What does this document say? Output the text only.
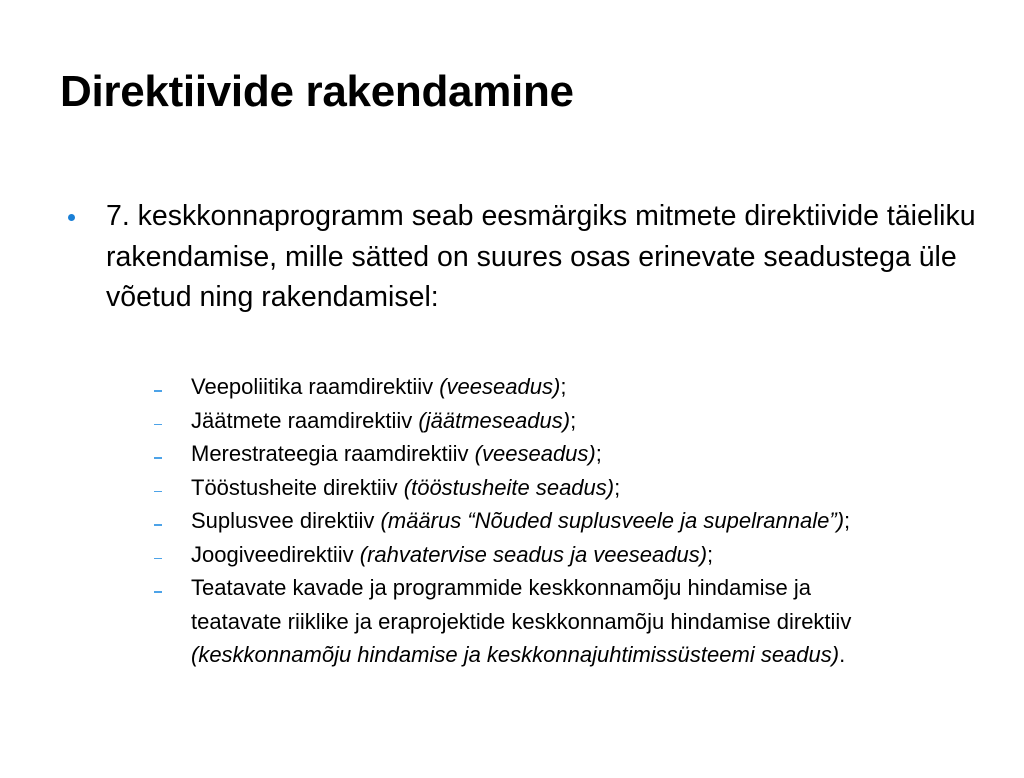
Direktiivide rakendamine
7. keskkonnaprogramm seab eesmärgiks mitmete direktiivide täieliku rakendamise, mille sätted on suures osas erinevate seadustega üle võetud ning rakendamisel:
Veepoliitika raamdirektiiv (veeseadus);
Jäätmete raamdirektiiv (jäätmeseadus);
Merestrateegia raamdirektiiv (veeseadus);
Tööstusheite direktiiv (tööstusheite seadus);
Suplusvee direktiiv (määrus “Nõuded suplusveele ja supelrannale”);
Joogiveedirektiiv (rahvatervise seadus ja veeseadus);
Teatavate kavade ja programmide keskkonnamõju hindamise ja teatavate riiklike ja eraprojektide keskkonnamõju hindamise direktiiv (keskkonnamõju hindamise ja keskkonnajuhtimissüsteemi seadus).
